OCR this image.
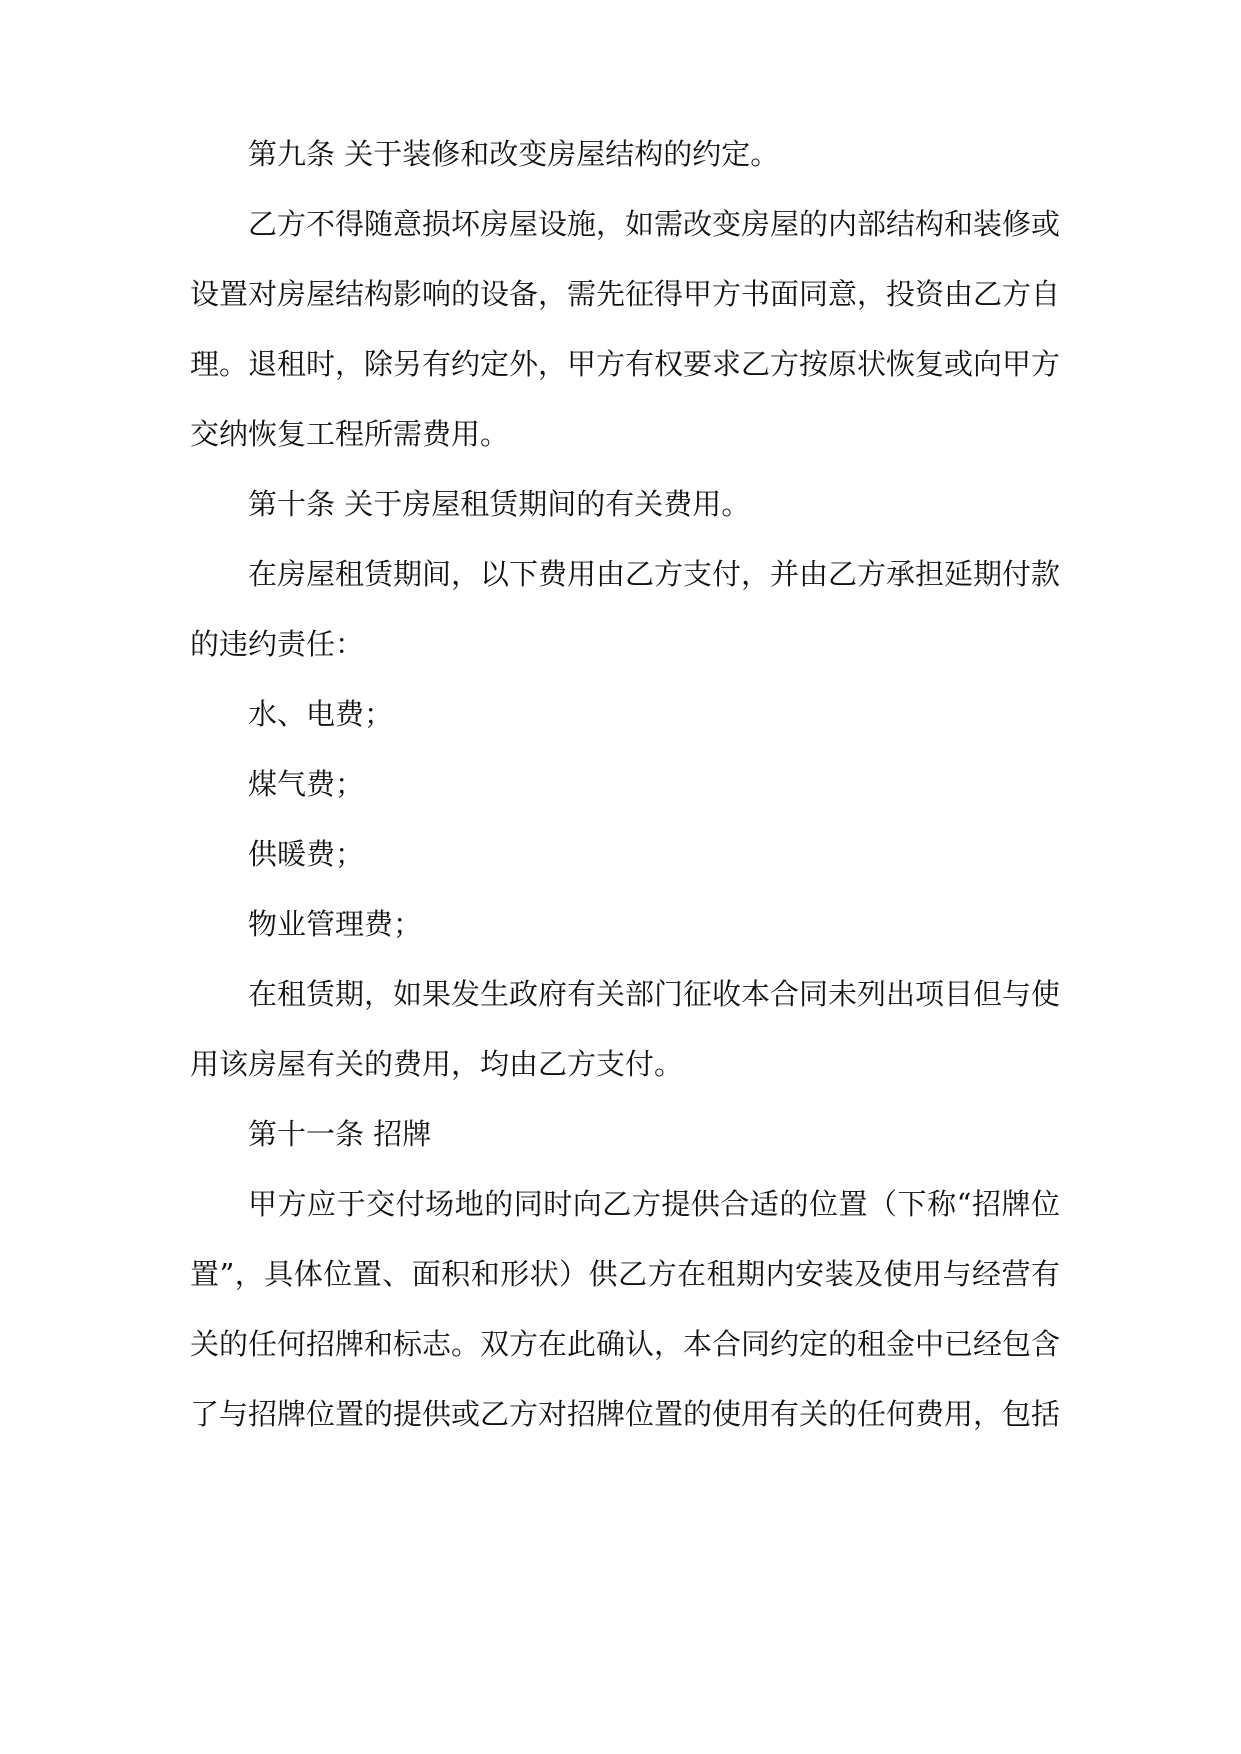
第九条 关于装修和改变房屋结构的约定。
乙方不得随意损坏房屋设施，如需改变房屋的内部结构和装修或
设置对房屋结构影响的设备，需先征得甲方书面同意，投资由乙方自
理。退租时，除另有约定外，甲方有权要求乙方按原状恢复或向甲方
交纳恢复工程所需费用。
第十条 关于房屋租赁期间的有关费用。
在房屋租赁期间，以下费用由乙方支付，并由乙方承担延期付款
的违约责任：
水、电费；
煤气费；
供暖费；
物业管理费；
在租赁期，如果发生政府有关部门征收本合同未列出项目但与使
用该房屋有关的费用，均由乙方支付。
第十一条 招牌
甲方应于交付场地的同时向乙方提供合适的位置（下称“招牌位
置”，具体位置、面积和形状）供乙方在租期内安装及使用与经营有
关的任何招牌和标志。双方在此确认，本合同约定的租金中已经包含
了与招牌位置的提供或乙方对招牌位置的使用有关的任何费用，包括
